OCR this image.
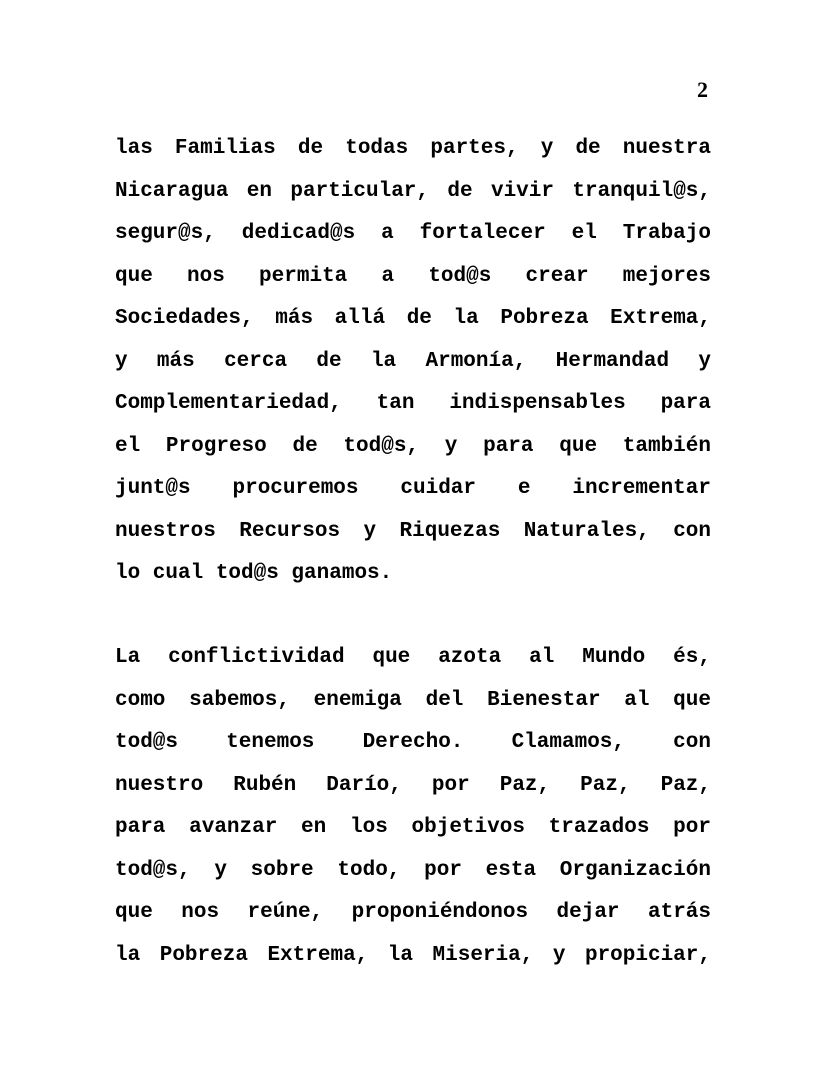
2
las Familias de todas partes, y de nuestra
Nicaragua en particular, de vivir tranquil@s,
segur@s, dedicad@s a fortalecer el Trabajo
que nos permita a tod@s crear mejores
Sociedades, más allá de la Pobreza Extrema,
y más cerca de la Armonía, Hermandad y
Complementariedad, tan indispensables para
el Progreso de tod@s, y para que también
junt@s procuremos cuidar e incrementar
nuestros Recursos y Riquezas Naturales, con
lo cual tod@s ganamos.
La conflictividad que azota al Mundo és,
como sabemos, enemiga del Bienestar al que
tod@s tenemos Derecho. Clamamos, con
nuestro Rubén Darío, por Paz, Paz, Paz,
para avanzar en los objetivos trazados por
tod@s, y sobre todo, por esta Organización
que nos reúne, proponiéndonos dejar atrás
la Pobreza Extrema, la Miseria, y propiciar,
